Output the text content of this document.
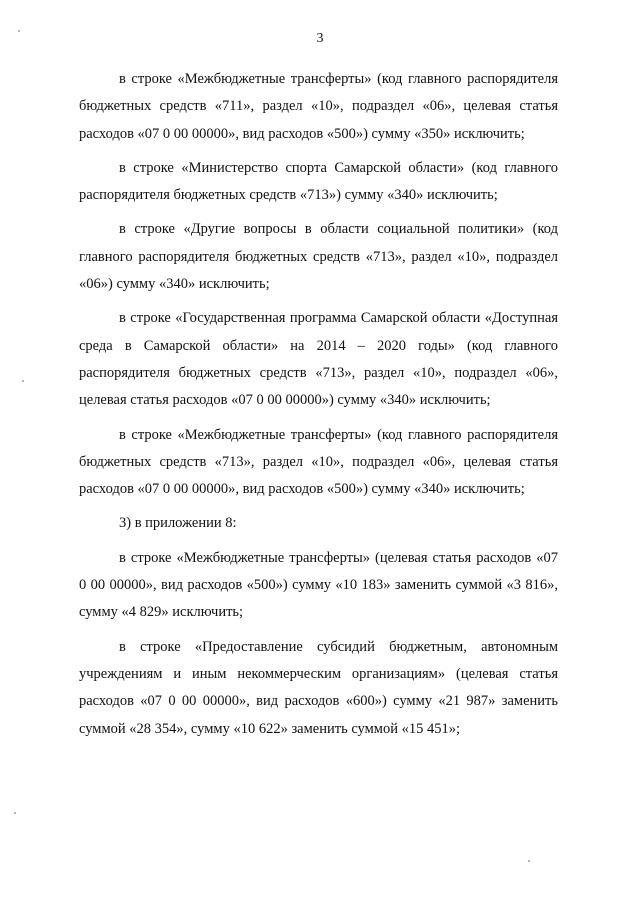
3

в строке «Межбюджетные трансферты» (код главного распорядителя бюджетных средств «711», раздел «10», подраздел «06», целевая статья расходов «07 0 00 00000», вид расходов «500») сумму «350» исключить;

в строке «Министерство спорта Самарской области» (код главного распорядителя бюджетных средств «713») сумму «340» исключить;

в строке «Другие вопросы в области социальной политики» (код главного распорядителя бюджетных средств «713», раздел «10», подраздел «06») сумму «340» исключить;

в строке «Государственная программа Самарской области «Доступная среда в Самарской области» на 2014 – 2020 годы» (код главного распорядителя бюджетных средств «713», раздел «10», подраздел «06», целевая статья расходов «07 0 00 00000») сумму «340» исключить;

в строке «Межбюджетные трансферты» (код главного распорядителя бюджетных средств «713», раздел «10», подраздел «06», целевая статья расходов «07 0 00 00000», вид расходов «500») сумму «340» исключить;

3) в приложении 8:

в строке «Межбюджетные трансферты» (целевая статья расходов «07 0 00 00000», вид расходов «500») сумму «10 183» заменить суммой «3 816», сумму «4 829» исключить;

в строке «Предоставление субсидий бюджетным, автономным учреждениям и иным некоммерческим организациям» (целевая статья расходов «07 0 00 00000», вид расходов «600») сумму «21 987» заменить суммой «28 354», сумму «10 622» заменить суммой «15 451»;
